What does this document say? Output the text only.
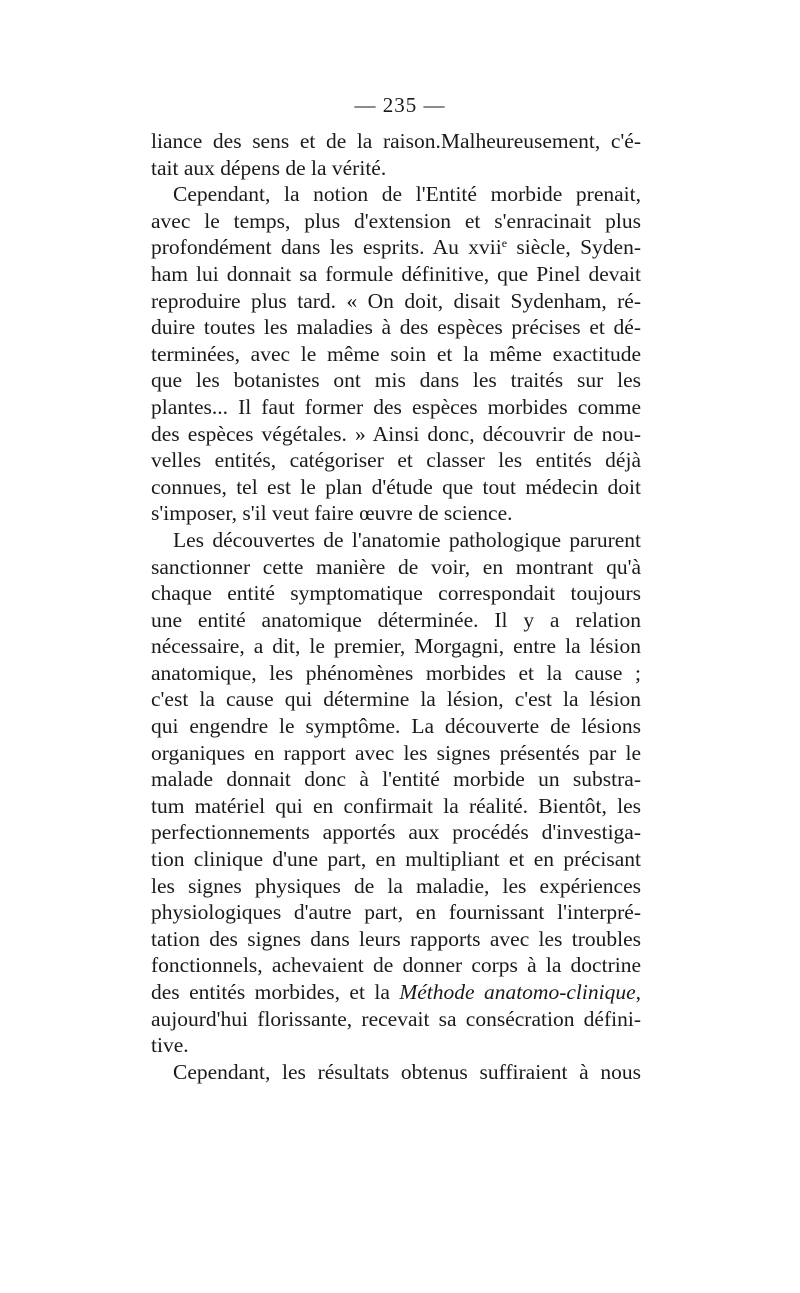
— 235 —
liance des sens et de la raison.Malheureusement, c'é-
tait aux dépens de la vérité.
Cependant, la notion de l'Entité morbide prenait,
avec le temps, plus d'extension et s'enracinait plus
profondément dans les esprits. Au xvii$^e$ siècle, Syden-
ham lui donnait sa formule définitive, que Pinel devait
reproduire plus tard. « On doit, disait Sydenham, ré-
duire toutes les maladies à des espèces précises et dé-
terminées, avec le même soin et la même exactitude
que les botanistes ont mis dans les traités sur les
plantes... Il faut former des espèces morbides comme
des espèces végétales. » Ainsi donc, découvrir de nou-
velles entités, catégoriser et classer les entités déjà
connues, tel est le plan d'étude que tout médecin doit
s'imposer, s'il veut faire œuvre de science.
Les découvertes de l'anatomie pathologique parurent
sanctionner cette manière de voir, en montrant qu'à
chaque entité symptomatique correspondait toujours
une entité anatomique déterminée. Il y a relation
nécessaire, a dit, le premier, Morgagni, entre la lésion
anatomique, les phénomènes morbides et la cause ;
c'est la cause qui détermine la lésion, c'est la lésion
qui engendre le symptôme. La découverte de lésions
organiques en rapport avec les signes présentés par le
malade donnait donc à l'entité morbide un substra-
tum matériel qui en confirmait la réalité. Bientôt, les
perfectionnements apportés aux procédés d'investiga-
tion clinique d'une part, en multipliant et en précisant
les signes physiques de la maladie, les expériences
physiologiques d'autre part, en fournissant l'interpré-
tation des signes dans leurs rapports avec les troubles
fonctionnels, achevaient de donner corps à la doctrine
des entités morbides, et la Méthode anatomo-clinique,
aujourd'hui florissante, recevait sa consécration défini-
tive.
Cependant, les résultats obtenus suffiraient à nous
